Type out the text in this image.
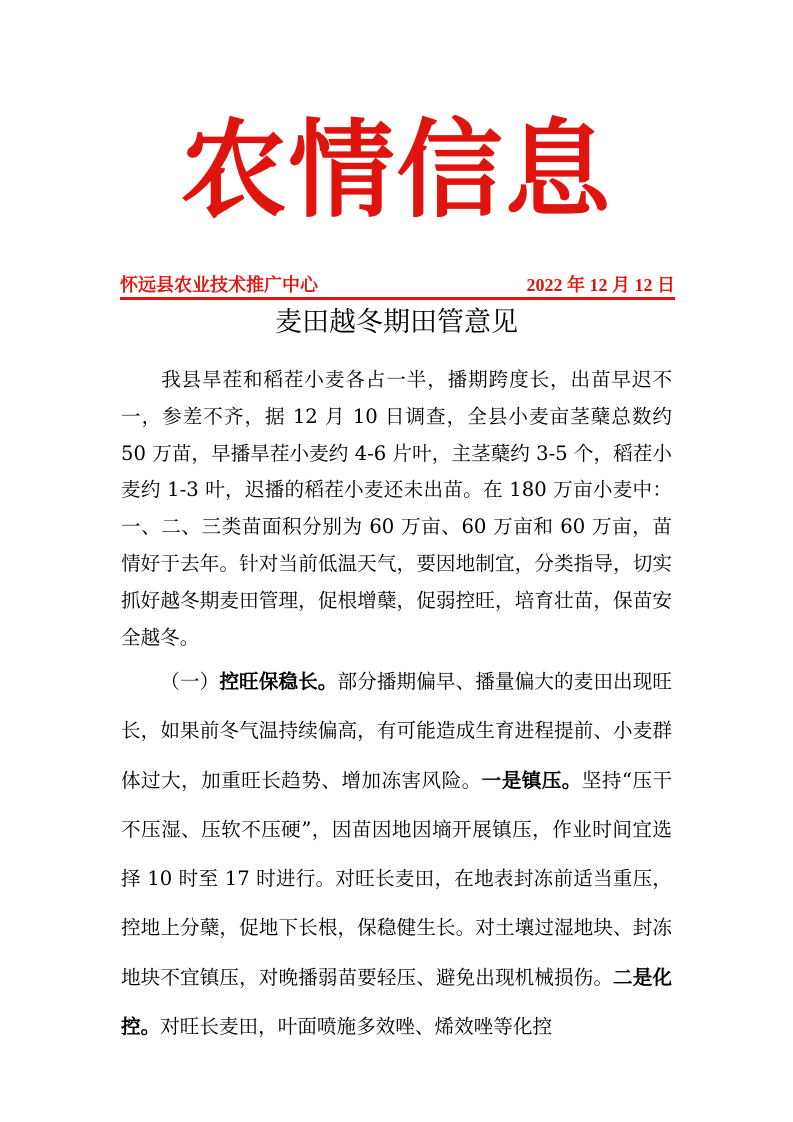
农情信息
怀远县农业技术推广中心	2022 年 12 月 12 日
麦田越冬期田管意见

我县旱茬和稻茬小麦各占一半，播期跨度长，出苗早迟不一，参差不齐，据 12 月 10 日调查，全县小麦亩茎蘖总数约 50 万苗，早播旱茬小麦约 4-6 片叶，主茎蘖约 3-5 个，稻茬小麦约 1-3 叶，迟播的稻茬小麦还未出苗。在 180 万亩小麦中：一、二、三类苗面积分别为 60 万亩、60 万亩和 60 万亩，苗情好于去年。针对当前低温天气，要因地制宜，分类指导，切实抓好越冬期麦田管理，促根增蘖，促弱控旺，培育壮苗，保苗安全越冬。

（一）控旺保稳长。部分播期偏早、播量偏大的麦田出现旺长，如果前冬气温持续偏高，有可能造成生育进程提前、小麦群体过大，加重旺长趋势、增加冻害风险。一是镇压。坚持“压干不压湿、压软不压硬”，因苗因地因墒开展镇压，作业时间宜选择 10 时至 17 时进行。对旺长麦田，在地表封冻前适当重压，控地上分蘖，促地下长根，保稳健生长。对土壤过湿地块、封冻地块不宜镇压，对晚播弱苗要轻压、避免出现机械损伤。二是化控。对旺长麦田，叶面喷施多效唑、烯效唑等化控
